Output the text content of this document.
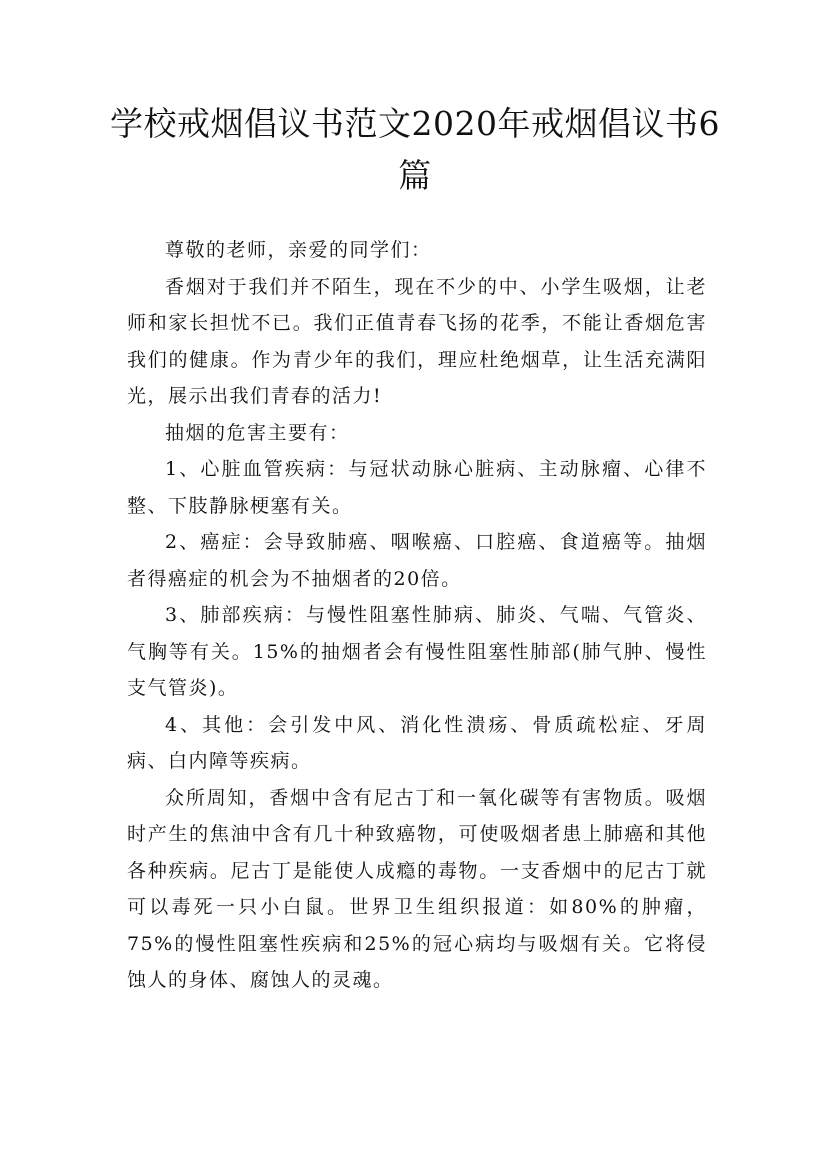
学校戒烟倡议书范文2020年戒烟倡议书6篇

尊敬的老师，亲爱的同学们：

香烟对于我们并不陌生，现在不少的中、小学生吸烟，让老师和家长担忧不已。我们正值青春飞扬的花季，不能让香烟危害我们的健康。作为青少年的我们，理应杜绝烟草，让生活充满阳光，展示出我们青春的活力!

抽烟的危害主要有：

1、心脏血管疾病：与冠状动脉心脏病、主动脉瘤、心律不整、下肢静脉梗塞有关。

2、癌症：会导致肺癌、咽喉癌、口腔癌、食道癌等。抽烟者得癌症的机会为不抽烟者的20倍。

3、肺部疾病：与慢性阻塞性肺病、肺炎、气喘、气管炎、气胸等有关。15%的抽烟者会有慢性阻塞性肺部(肺气肿、慢性支气管炎)。

4、其他：会引发中风、消化性溃疡、骨质疏松症、牙周病、白内障等疾病。

众所周知，香烟中含有尼古丁和一氧化碳等有害物质。吸烟时产生的焦油中含有几十种致癌物，可使吸烟者患上肺癌和其他各种疾病。尼古丁是能使人成瘾的毒物。一支香烟中的尼古丁就可以毒死一只小白鼠。世界卫生组织报道：如80%的肿瘤，75%的慢性阻塞性疾病和25%的冠心病均与吸烟有关。它将侵蚀人的身体、腐蚀人的灵魂。
